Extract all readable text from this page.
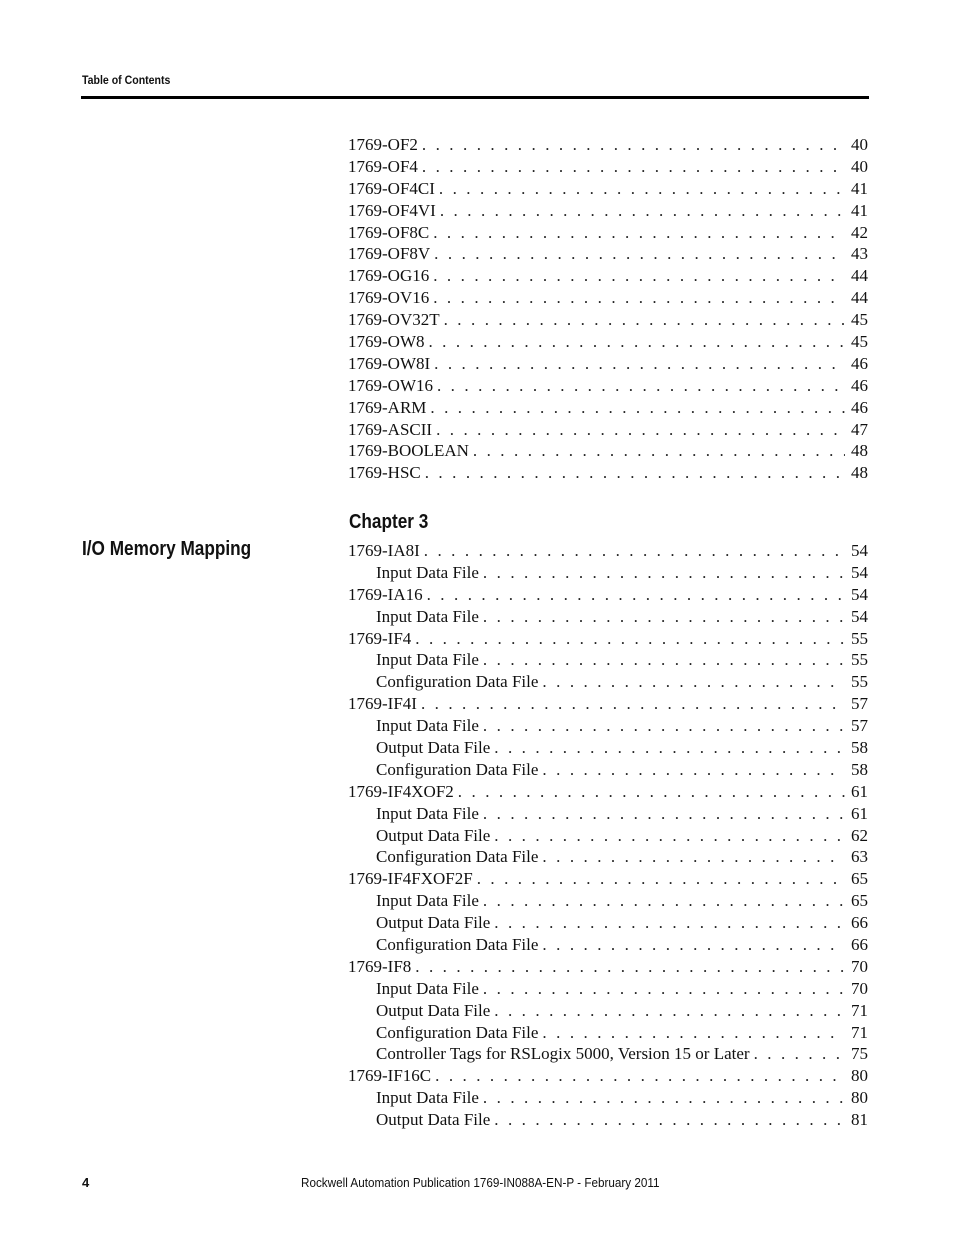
Table of Contents
1769-OF2 . . .	40
1769-OF4 . . .	40
1769-OF4CI . . .	41
1769-OF4VI . . .	41
1769-OF8C . . .	42
1769-OF8V . . .	43
1769-OG16 . . .	44
1769-OV16 . . .	44
1769-OV32T . . .	45
1769-OW8 . . .	45
1769-OW8I . . .	46
1769-OW16 . . .	46
1769-ARM . . .	46
1769-ASCII . . .	47
1769-BOOLEAN . . .	48
1769-HSC . . .	48
Chapter 3
I/O Memory Mapping	1769-IA8I . . .	54
Input Data File . . .	54
1769-IA16 . . .	54
Input Data File . . .	54
1769-IF4 . . .	55
Input Data File . . .	55
Configuration Data File . . .	55
1769-IF4I . . .	57
Input Data File . . .	57
Output Data File . . .	58
Configuration Data File . . .	58
1769-IF4XOF2 . . .	61
Input Data File . . .	61
Output Data File . . .	62
Configuration Data File . . .	63
1769-IF4FXOF2F . . .	65
Input Data File . . .	65
Output Data File . . .	66
Configuration Data File . . .	66
1769-IF8 . . .	70
Input Data File . . .	70
Output Data File . . .	71
Configuration Data File . . .	71
Controller Tags for RSLogix 5000, Version 15 or Later . . .	75
1769-IF16C . . .	80
Input Data File . . .	80
Output Data File . . .	81
4	Rockwell Automation Publication 1769-IN088A-EN-P - February 2011
